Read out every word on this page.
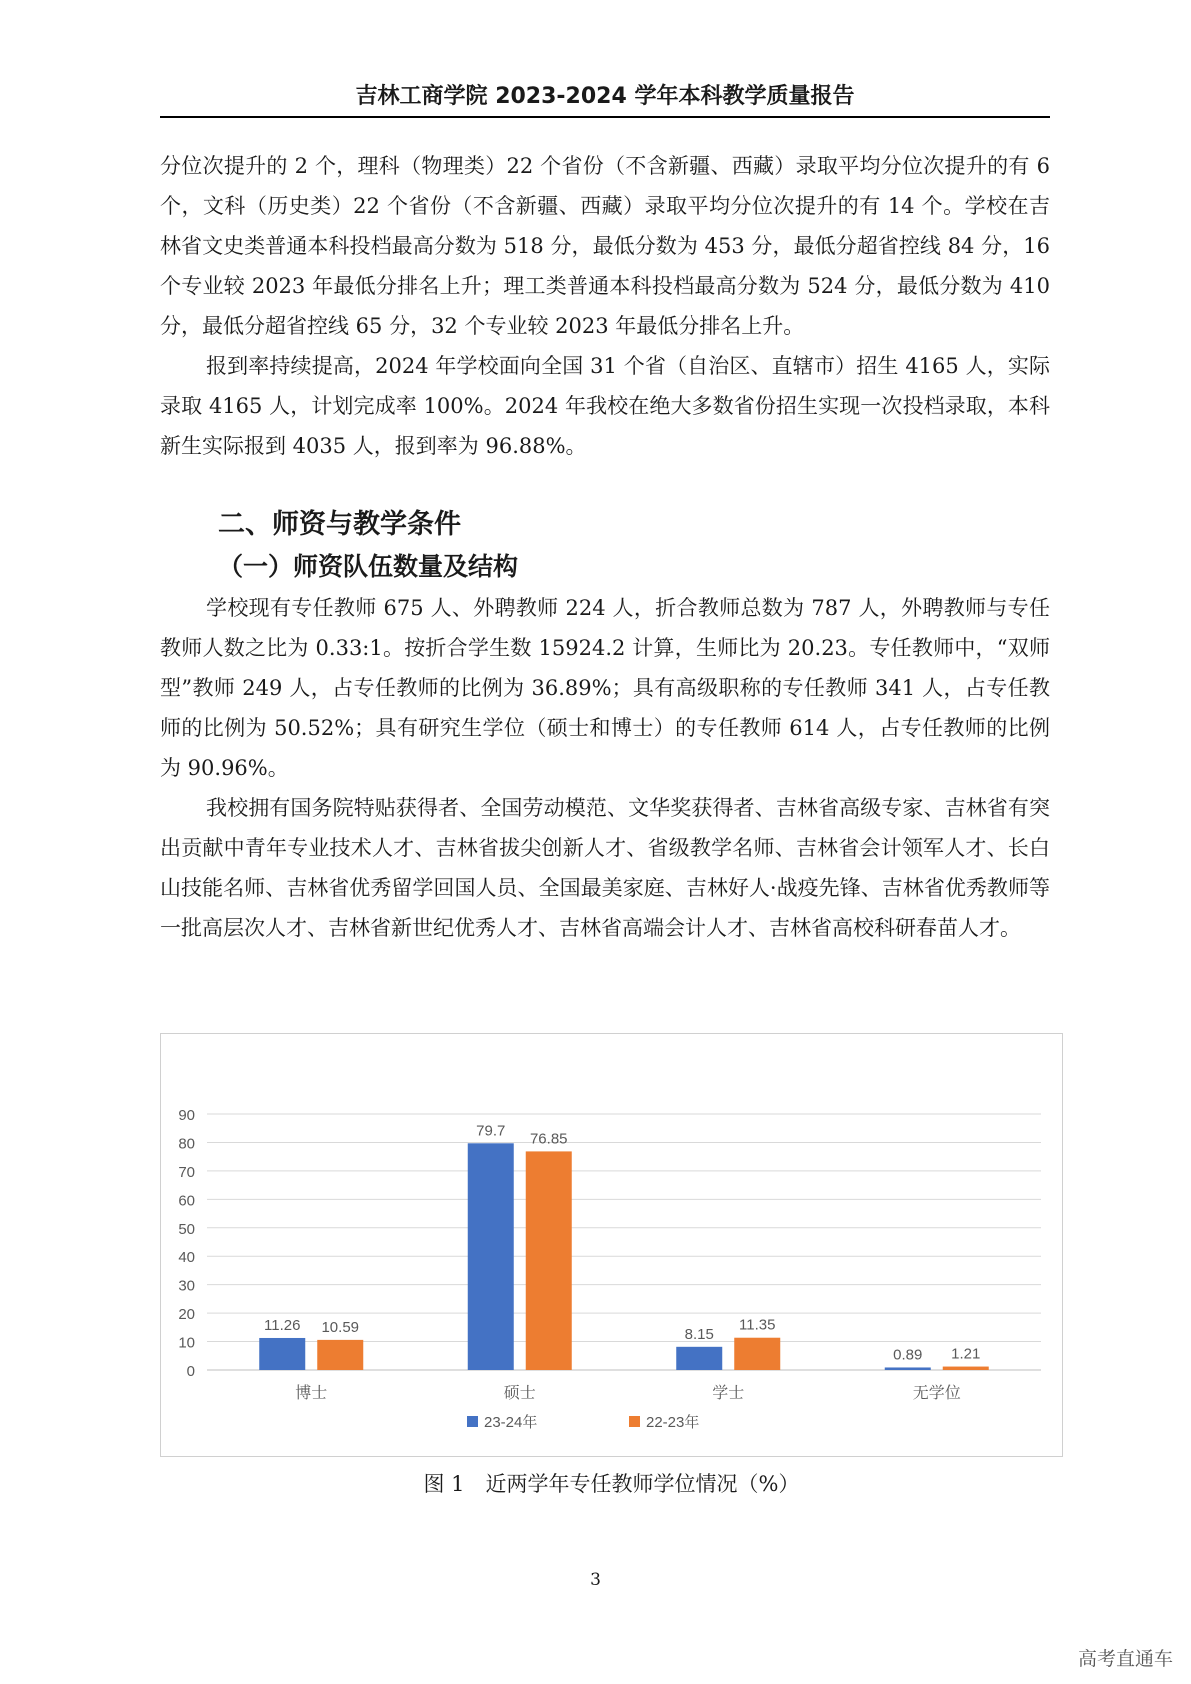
吉林工商学院 2023-2024 学年本科教学质量报告

分位次提升的 2 个，理科（物理类）22 个省份（不含新疆、西藏）录取平均分位次提升的有 6 个，文科（历史类）22 个省份（不含新疆、西藏）录取平均分位次提升的有 14 个。学校在吉林省文史类普通本科投档最高分数为 518 分，最低分数为 453 分，最低分超省控线 84 分，16 个专业较 2023 年最低分排名上升；理工类普通本科投档最高分数为 524 分，最低分数为 410 分，最低分超省控线 65 分，32 个专业较 2023 年最低分排名上升。

报到率持续提高，2024 年学校面向全国 31 个省（自治区、直辖市）招生 4165 人，实际录取 4165 人，计划完成率 100%。2024 年我校在绝大多数省份招生实现一次投档录取，本科新生实际报到 4035 人，报到率为 96.88%。

二、师资与教学条件
（一）师资队伍数量及结构

学校现有专任教师 675 人、外聘教师 224 人，折合教师总数为 787 人，外聘教师与专任教师人数之比为 0.33:1。按折合学生数 15924.2 计算，生师比为 20.23。专任教师中，“双师型”教师 249 人，占专任教师的比例为 36.89%；具有高级职称的专任教师 341 人，占专任教师的比例为 50.52%；具有研究生学位（硕士和博士）的专任教师 614 人，占专任教师的比例为 90.96%。

我校拥有国务院特贴获得者、全国劳动模范、文华奖获得者、吉林省高级专家、吉林省有突出贡献中青年专业技术人才、吉林省拔尖创新人才、省级教学名师、吉林省会计领军人才、长白山技能名师、吉林省优秀留学回国人员、全国最美家庭、吉林好人·战疫先锋、吉林省优秀教师等一批高层次人才、吉林省新世纪优秀人才、吉林省高端会计人才、吉林省高校科研春苗人才。

0
10
20
30
40
50
60
70
80
90
11.26 10.59
博士
79.7 76.85
硕士
8.15
11.35
学士
0.89 1.21
无学位
23-24年	22-23年
图 1　近两学年专任教师学位情况（%）
3
高考直通车
